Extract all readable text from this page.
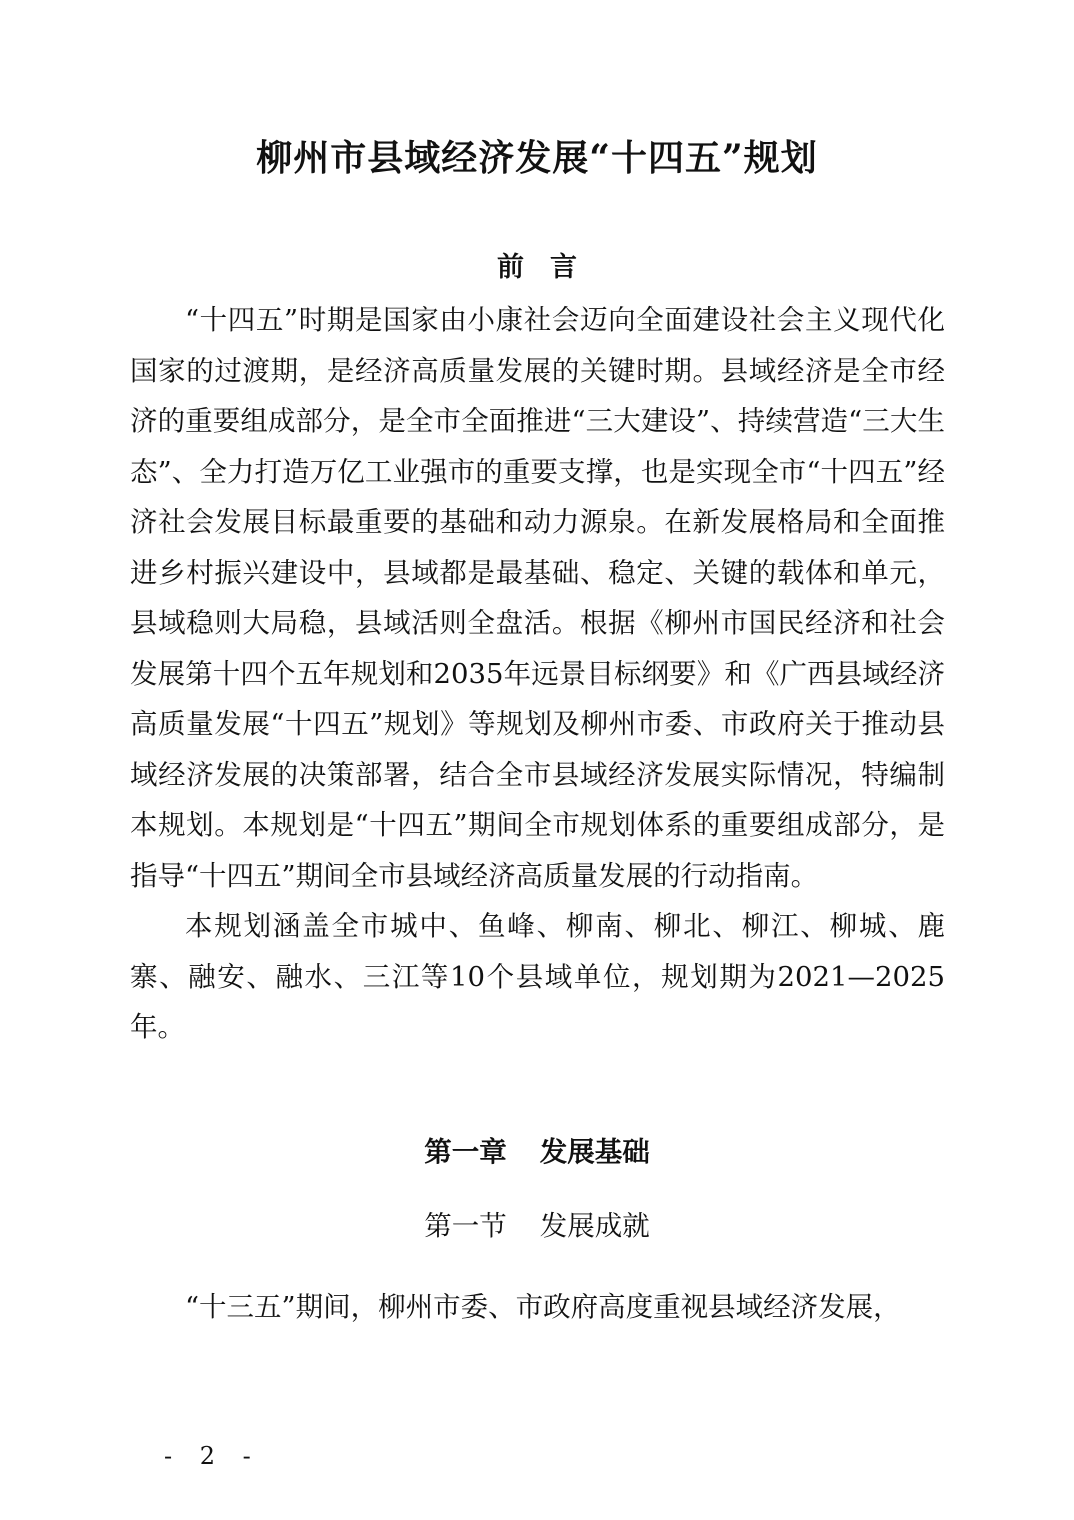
柳州市县域经济发展“十四五”规划
前言

“十四五”时期是国家由小康社会迈向全面建设社会主义现代化国家的过渡期，是经济高质量发展的关键时期。县域经济是全市经济的重要组成部分，是全市全面推进“三大建设”、持续营造“三大生态”、全力打造万亿工业强市的重要支撑，也是实现全市“十四五”经济社会发展目标最重要的基础和动力源泉。在新发展格局和全面推进乡村振兴建设中，县域都是最基础、稳定、关键的载体和单元，县域稳则大局稳，县域活则全盘活。根据《柳州市国民经济和社会发展第十四个五年规划和2035年远景目标纲要》和《广西县域经济高质量发展“十四五”规划》等规划及柳州市委、市政府关于推动县域经济发展的决策部署，结合全市县域经济发展实际情况，特编制本规划。本规划是“十四五”期间全市规划体系的重要组成部分，是指导“十四五”期间全市县域经济高质量发展的行动指南。

本规划涵盖全市城中、鱼峰、柳南、柳北、柳江、柳城、鹿寨、融安、融水、三江等10个县域单位，规划期为2021—2025年。

第一章 发展基础
第一节 发展成就

“十三五”期间，柳州市委、市政府高度重视县域经济发展，

- 2 -
